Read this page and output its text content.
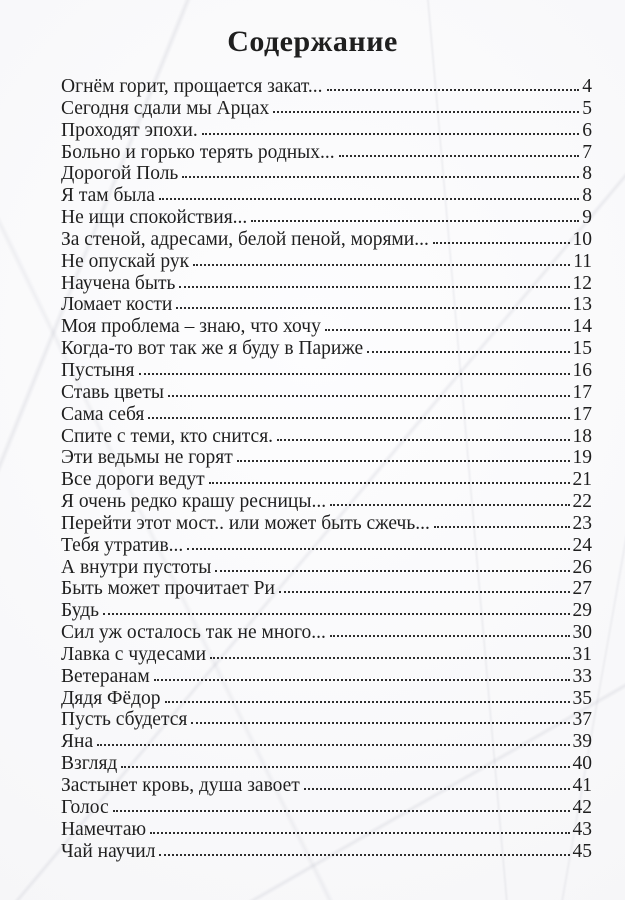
Содержание
Огнём горит, прощается закат...	4
Сегодня сдали мы Арцах	5
Проходят эпохи.	6
Больно и горько терять родных...	7
Дорогой Поль	8
Я там была	8
Не ищи спокойствия...	9
За стеной, адресами, белой пеной, морями...	10
Не опускай рук	11
Научена быть	12
Ломает кости	13
Моя проблема – знаю, что хочу	14
Когда-то вот так же я буду в Париже	15
Пустыня	16
Ставь цветы	17
Сама себя	17
Спите с теми, кто снится.	18
Эти ведьмы не горят	19
Все дороги ведут	21
Я очень редко крашу ресницы...	22
Перейти этот мост.. или может быть сжечь...	23
Тебя утратив...	24
А внутри пустоты	26
Быть может прочитает Ри	27
Будь	29
Сил уж осталось так не много...	30
Лавка с чудесами	31
Ветеранам	33
Дядя Фёдор	35
Пусть сбудется	37
Яна	39
Взгляд	40
Застынет кровь, душа завоет	41
Голос	42
Намечтаю	43
Чай научил	45
